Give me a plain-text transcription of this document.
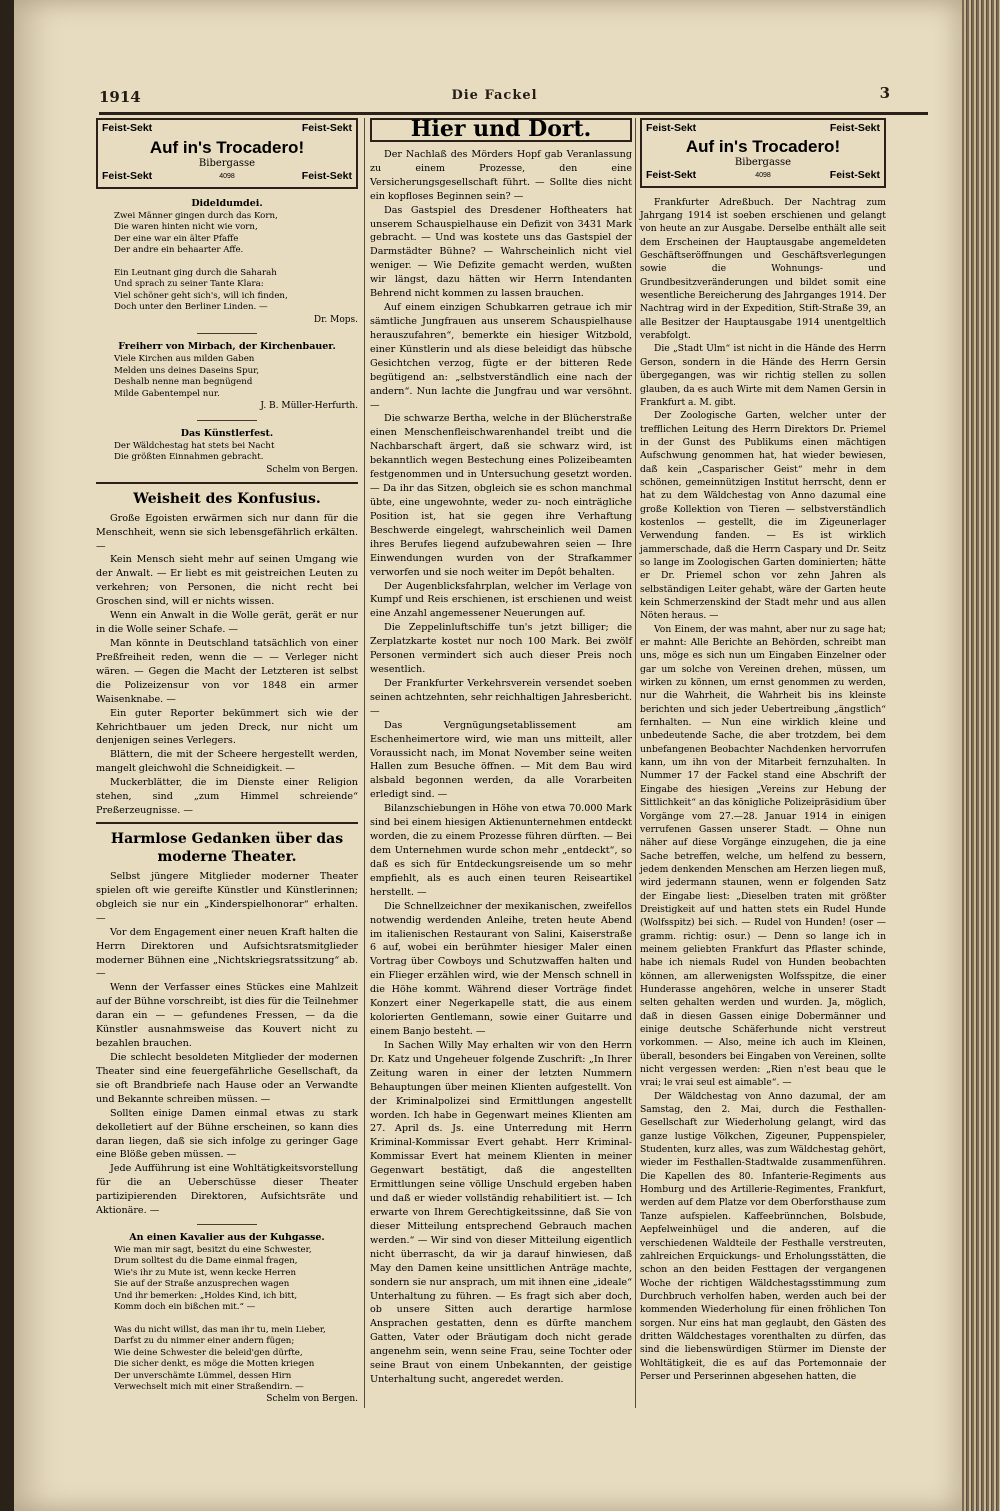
1914	Die Fackel	3
Feist-Sekt	Feist-Sekt
Auf in's Trocadero!
Bibergasse
Feist-Sekt	4098	Feist-Sekt
Dideldumdei.
Zwei Männer gingen durch das Korn,
Die waren hinten nicht wie vorn,
Der eine war ein älter Pfaffe
Der andre ein behaarter Affe.

Ein Leutnant ging durch die Saharah
Und sprach zu seiner Tante Klara:
Viel schöner geht sich's, will ich finden,
Doch unter den Berliner Linden. —
Dr. Mops.
Freiherr von Mirbach, der Kirchenbauer.
Viele Kirchen aus milden Gaben
Melden uns deines Daseins Spur,
Deshalb nenne man begnügend
Milde Gabentempel nur.
J. B. Müller-Herfurth.
Das Künstlerfest.
Der Wäldchestag hat stets bei Nacht
Die größten Einnahmen gebracht.
Schelm von Bergen.
Weisheit des Konfusius.

Große Egoisten erwärmen sich nur dann für die Menschheit, wenn sie sich lebensgefährlich erkälten. —

Kein Mensch sieht mehr auf seinen Umgang wie der Anwalt. — Er liebt es mit geistreichen Leuten zu verkehren; von Personen, die nicht recht bei Groschen sind, will er nichts wissen.

Wenn ein Anwalt in die Wolle gerät, gerät er nur in die Wolle seiner Schafe. —

Man könnte in Deutschland tatsächlich von einer Preßfreiheit reden, wenn die — — Verleger nicht wären. — Gegen die Macht der Letzteren ist selbst die Polizeizensur von vor 1848 ein armer Waisenknabe. —

Ein guter Reporter bekümmert sich wie der Kehrichtbauer um jeden Dreck, nur nicht um denjenigen seines Verlegers.

Blättern, die mit der Scheere hergestellt werden, mangelt gleichwohl die Schneidigkeit. —

Muckerblätter, die im Dienste einer Religion stehen, sind „zum Himmel schreiende“ Preßerzeugnisse. —

Harmlose Gedanken über das moderne Theater.

Selbst jüngere Mitglieder moderner Theater spielen oft wie gereifte Künstler und Künstlerinnen; obgleich sie nur ein „Kinderspielhonorar“ erhalten. —

Vor dem Engagement einer neuen Kraft halten die Herrn Direktoren und Aufsichtsratsmitglieder moderner Bühnen eine „Nichtskriegsratssitzung“ ab. —

Wenn der Verfasser eines Stückes eine Mahlzeit auf der Bühne vorschreibt, ist dies für die Teilnehmer daran ein — — gefundenes Fressen, — da die Künstler ausnahmsweise das Kouvert nicht zu bezahlen brauchen.

Die schlecht besoldeten Mitglieder der modernen Theater sind eine feuergefährliche Gesellschaft, da sie oft Brandbriefe nach Hause oder an Verwandte und Bekannte schreiben müssen. —

Sollten einige Damen einmal etwas zu stark dekolletiert auf der Bühne erscheinen, so kann dies daran liegen, daß sie sich infolge zu geringer Gage eine Blöße geben müssen. —

Jede Aufführung ist eine Wohltätigkeitsvorstellung für die an Ueberschüsse dieser Theater partizipierenden Direktoren, Aufsichtsräte und Aktionäre. —

An einen Kavalier aus der Kuhgasse.
Wie man mir sagt, besitzt du eine Schwester,
Drum solltest du die Dame einmal fragen,
Wie's ihr zu Mute ist, wenn kecke Herren
Sie auf der Straße anzusprechen wagen
Und ihr bemerken: „Holdes Kind, ich bitt,
Komm doch ein bißchen mit.“ —

Was du nicht willst, das man ihr tu, mein Lieber,
Darfst zu du nimmer einer andern fügen;
Wie deine Schwester die beleid'gen dürfte,
Die sicher denkt, es möge die Motten kriegen
Der unverschämte Lümmel, dessen Hirn
Verwechselt mich mit einer Straßendirn. —
Schelm von Bergen.
Hier und Dort.

Der Nachlaß des Mörders Hopf gab Veranlassung zu einem Prozesse, den eine Versicherungsgesellschaft führt. — Sollte dies nicht ein kopfloses Beginnen sein? —

Das Gastspiel des Dresdener Hoftheaters hat unserem Schauspielhause ein Defizit von 3431 Mark gebracht. — Und was kostete uns das Gastspiel der Darmstädter Bühne? — Wahrscheinlich nicht viel weniger. — Wie Defizite gemacht werden, wußten wir längst, dazu hätten wir Herrn Intendanten Behrend nicht kommen zu lassen brauchen.

Auf einem einzigen Schubkarren getraue ich mir sämtliche Jungfrauen aus unserem Schauspielhause herauszufahren“, bemerkte ein hiesiger Witzbold, einer Künstlerin und als diese beleidigt das hübsche Gesichtchen verzog, fügte er der bitteren Rede begütigend an: „selbstverständlich eine nach der andern“. Nun lachte die Jungfrau und war versöhnt. —

Die schwarze Bertha, welche in der Blücherstraße einen Menschenfleischwarenhandel treibt und die Nachbarschaft ärgert, daß sie schwarz wird, ist bekanntlich wegen Bestechung eines Polizeibeamten festgenommen und in Untersuchung gesetzt worden. — Da ihr das Sitzen, obgleich sie es schon manchmal übte, eine ungewohnte, weder zu- noch einträgliche Position ist, hat sie gegen ihre Verhaftung Beschwerde eingelegt, wahrscheinlich weil Damen ihres Berufes liegend aufzubewahren seien — Ihre Einwendungen wurden von der Strafkammer verworfen und sie noch weiter im Depôt behalten.

Der Augenblicksfahrplan, welcher im Verlage von Kumpf und Reis erschienen, ist erschienen und weist eine Anzahl angemessener Neuerungen auf.

Die Zeppelinluftschiffe tun's jetzt billiger; die Zerplatzkarte kostet nur noch 100 Mark. Bei zwölf Personen vermindert sich auch dieser Preis noch wesentlich.

Der Frankfurter Verkehrsverein versendet soeben seinen achtzehnten, sehr reichhaltigen Jahresbericht. —

Das Vergnügungsetablissement am Eschenheimertore wird, wie man uns mitteilt, aller Voraussicht nach, im Monat November seine weiten Hallen zum Besuche öffnen. — Mit dem Bau wird alsbald begonnen werden, da alle Vorarbeiten erledigt sind. —

Bilanzschiebungen in Höhe von etwa 70.000 Mark sind bei einem hiesigen Aktienunternehmen entdeckt worden, die zu einem Prozesse führen dürften. — Bei dem Unternehmen wurde schon mehr „entdeckt“, so daß es sich für Entdeckungsreisende um so mehr empfiehlt, als es auch einen teuren Reiseartikel herstellt. —

Die Schnellzeichner der mexikanischen, zweifellos notwendig werdenden Anleihe, treten heute Abend im italienischen Restaurant von Salini, Kaiserstraße 6 auf, wobei ein berühmter hiesiger Maler einen Vortrag über Cowboys und Schutzwaffen halten und ein Flieger erzählen wird, wie der Mensch schnell in die Höhe kommt. Während dieser Vorträge findet Konzert einer Negerkapelle statt, die aus einem kolorierten Gentlemann, sowie einer Guitarre und einem Banjo besteht. —

In Sachen Willy May erhalten wir von den Herrn Dr. Katz und Ungeheuer folgende Zuschrift: „In Ihrer Zeitung waren in einer der letzten Nummern Behauptungen über meinen Klienten aufgestellt. Von der Kriminalpolizei sind Ermittlungen angestellt worden. Ich habe in Gegenwart meines Klienten am 27. April ds. Js. eine Unterredung mit Herrn Kriminal-Kommissar Evert gehabt. Herr Kriminal-Kommissar Evert hat meinem Klienten in meiner Gegenwart bestätigt, daß die angestellten Ermittlungen seine völlige Unschuld ergeben haben und daß er wieder vollständig rehabilitiert ist. — Ich erwarte von Ihrem Gerechtigkeitssinne, daß Sie von dieser Mitteilung entsprechend Gebrauch machen werden.“ — Wir sind von dieser Mitteilung eigentlich nicht überrascht, da wir ja darauf hinwiesen, daß May den Damen keine unsittlichen Anträge machte, sondern sie nur ansprach, um mit ihnen eine „ideale“ Unterhaltung zu führen. — Es fragt sich aber doch, ob unsere Sitten auch derartige harmlose Ansprachen gestatten, denn es dürfte manchem Gatten, Vater oder Bräutigam doch nicht gerade angenehm sein, wenn seine Frau, seine Tochter oder seine Braut von einem Unbekannten, der geistige Unterhaltung sucht, angeredet werden.

Feist-Sekt	Feist-Sekt
Auf in's Trocadero!
Bibergasse
Feist-Sekt	4098	Feist-Sekt

Frankfurter Adreßbuch. Der Nachtrag zum Jahrgang 1914 ist soeben erschienen und gelangt von heute an zur Ausgabe. Derselbe enthält alle seit dem Erscheinen der Hauptausgabe angemeldeten Geschäftseröffnungen und Geschäftsverlegungen sowie die Wohnungs- und Grundbesitzveränderungen und bildet somit eine wesentliche Bereicherung des Jahrganges 1914. Der Nachtrag wird in der Expedition, Stift-Straße 39, an alle Besitzer der Hauptausgabe 1914 unentgeltlich verabfolgt.

Die „Stadt Ulm“ ist nicht in die Hände des Herrn Gerson, sondern in die Hände des Herrn Gersin übergegangen, was wir richtig stellen zu sollen glauben, da es auch Wirte mit dem Namen Gersin in Frankfurt a. M. gibt.

Der Zoologische Garten, welcher unter der trefflichen Leitung des Herrn Direktors Dr. Priemel in der Gunst des Publikums einen mächtigen Aufschwung genommen hat, hat wieder bewiesen, daß kein „Casparischer Geist“ mehr in dem schönen, gemeinnützigen Institut herrscht, denn er hat zu dem Wäldchestag von Anno dazumal eine große Kollektion von Tieren — selbstverständlich kostenlos — gestellt, die im Zigeunerlager Verwendung fanden. — Es ist wirklich jammerschade, daß die Herrn Caspary und Dr. Seitz so lange im Zoologischen Garten dominierten; hätte er Dr. Priemel schon vor zehn Jahren als selbständigen Leiter gehabt, wäre der Garten heute kein Schmerzenskind der Stadt mehr und aus allen Nöten heraus. —

Von Einem, der was mahnt, aber nur zu sage hat; er mahnt: Alle Berichte an Behörden, schreibt man uns, möge es sich nun um Eingaben Einzelner oder gar um solche von Vereinen drehen, müssen, um wirken zu können, um ernst genommen zu werden, nur die Wahrheit, die Wahrheit bis ins kleinste berichten und sich jeder Uebertreibung „ängstlich“ fernhalten. — Nun eine wirklich kleine und unbedeutende Sache, die aber trotzdem, bei dem unbefangenen Beobachter Nachdenken hervorrufen kann, um ihn von der Mitarbeit fernzuhalten. In Nummer 17 der Fackel stand eine Abschrift der Eingabe des hiesigen „Vereins zur Hebung der Sittlichkeit“ an das königliche Polizeipräsidium über Vorgänge vom 27.—28. Januar 1914 in einigen verrufenen Gassen unserer Stadt. — Ohne nun näher auf diese Vorgänge einzugehen, die ja eine Sache betreffen, welche, um helfend zu bessern, jedem denkenden Menschen am Herzen liegen muß, wird jedermann staunen, wenn er folgenden Satz der Eingabe liest: „Dieselben traten mit größter Dreistigkeit auf und hatten stets ein Rudel Hunde (Wolfsspitz) bei sich. — Rudel von Hunden! (oser — gramm. richtig: osur.) — Denn so lange ich in meinem geliebten Frankfurt das Pflaster schinde, habe ich niemals Rudel von Hunden beobachten können, am allerwenigsten Wolfsspitze, die einer Hunderasse angehören, welche in unserer Stadt selten gehalten werden und wurden. Ja, möglich, daß in diesen Gassen einige Dobermänner und einige deutsche Schäferhunde nicht verstreut vorkommen. — Also, meine ich auch im Kleinen, überall, besonders bei Eingaben von Vereinen, sollte nicht vergessen werden: „Rien n'est beau que le vrai; le vrai seul est aimable“. —

Der Wäldchestag von Anno dazumal, der am Samstag, den 2. Mai, durch die Festhallen-Gesellschaft zur Wiederholung gelangt, wird das ganze lustige Völkchen, Zigeuner, Puppenspieler, Studenten, kurz alles, was zum Wäldchestag gehört, wieder im Festhallen-Stadtwalde zusammenführen. Die Kapellen des 80. Infanterie-Regiments aus Homburg und des Artillerie-Regimentes, Frankfurt, werden auf dem Platze vor dem Oberforsthause zum Tanze aufspielen. Kaffeebrünnchen, Bolsbude, Aepfelweinhügel und die anderen, auf die verschiedenen Waldteile der Festhalle verstreuten, zahlreichen Erquickungs- und Erholungsstätten, die schon an den beiden Festtagen der vergangenen Woche der richtigen Wäldchestagsstimmung zum Durchbruch verholfen haben, werden auch bei der kommenden Wiederholung für einen fröhlichen Ton sorgen. Nur eins hat man geglaubt, den Gästen des dritten Wäldchestages vorenthalten zu dürfen, das sind die liebenswürdigen Stürmer im Dienste der Wohltätigkeit, die es auf das Portemonnaie der Perser und Perserinnen abgesehen hatten, die
